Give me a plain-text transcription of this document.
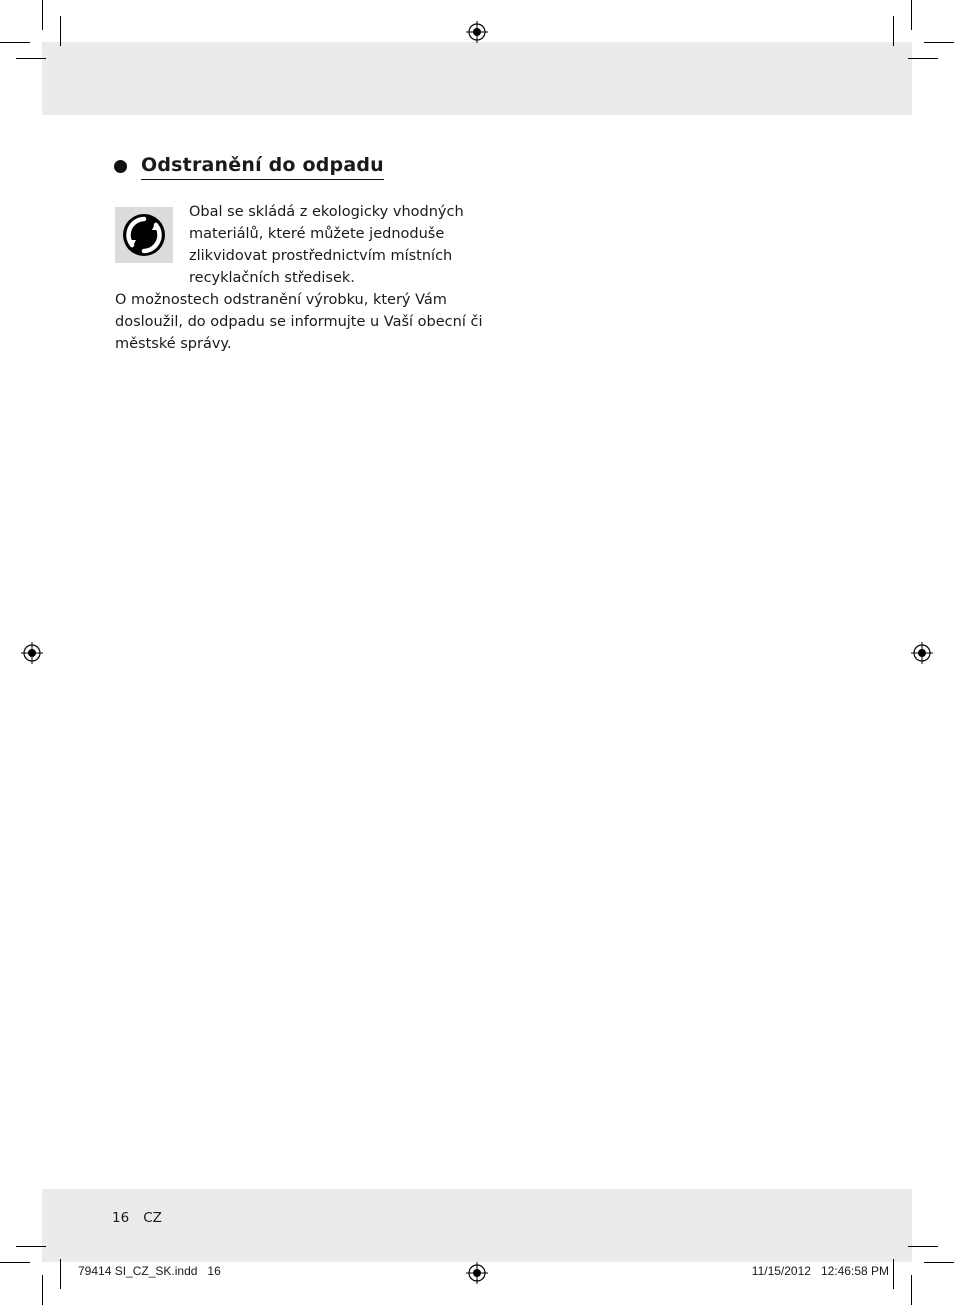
Odstranění do odpadu
Obal se skládá z ekologicky vhodných materiálů, které můžete jednoduše zlikvidovat prostřednictvím místních recyklačních středisek.
O možnostech odstranění výrobku, který Vám dosloužil, do odpadu se informujte u Vaší obecní či městské správy.
16 CZ
79414 SI_CZ_SK.indd   16	11/15/2012   12:46:58 PM
